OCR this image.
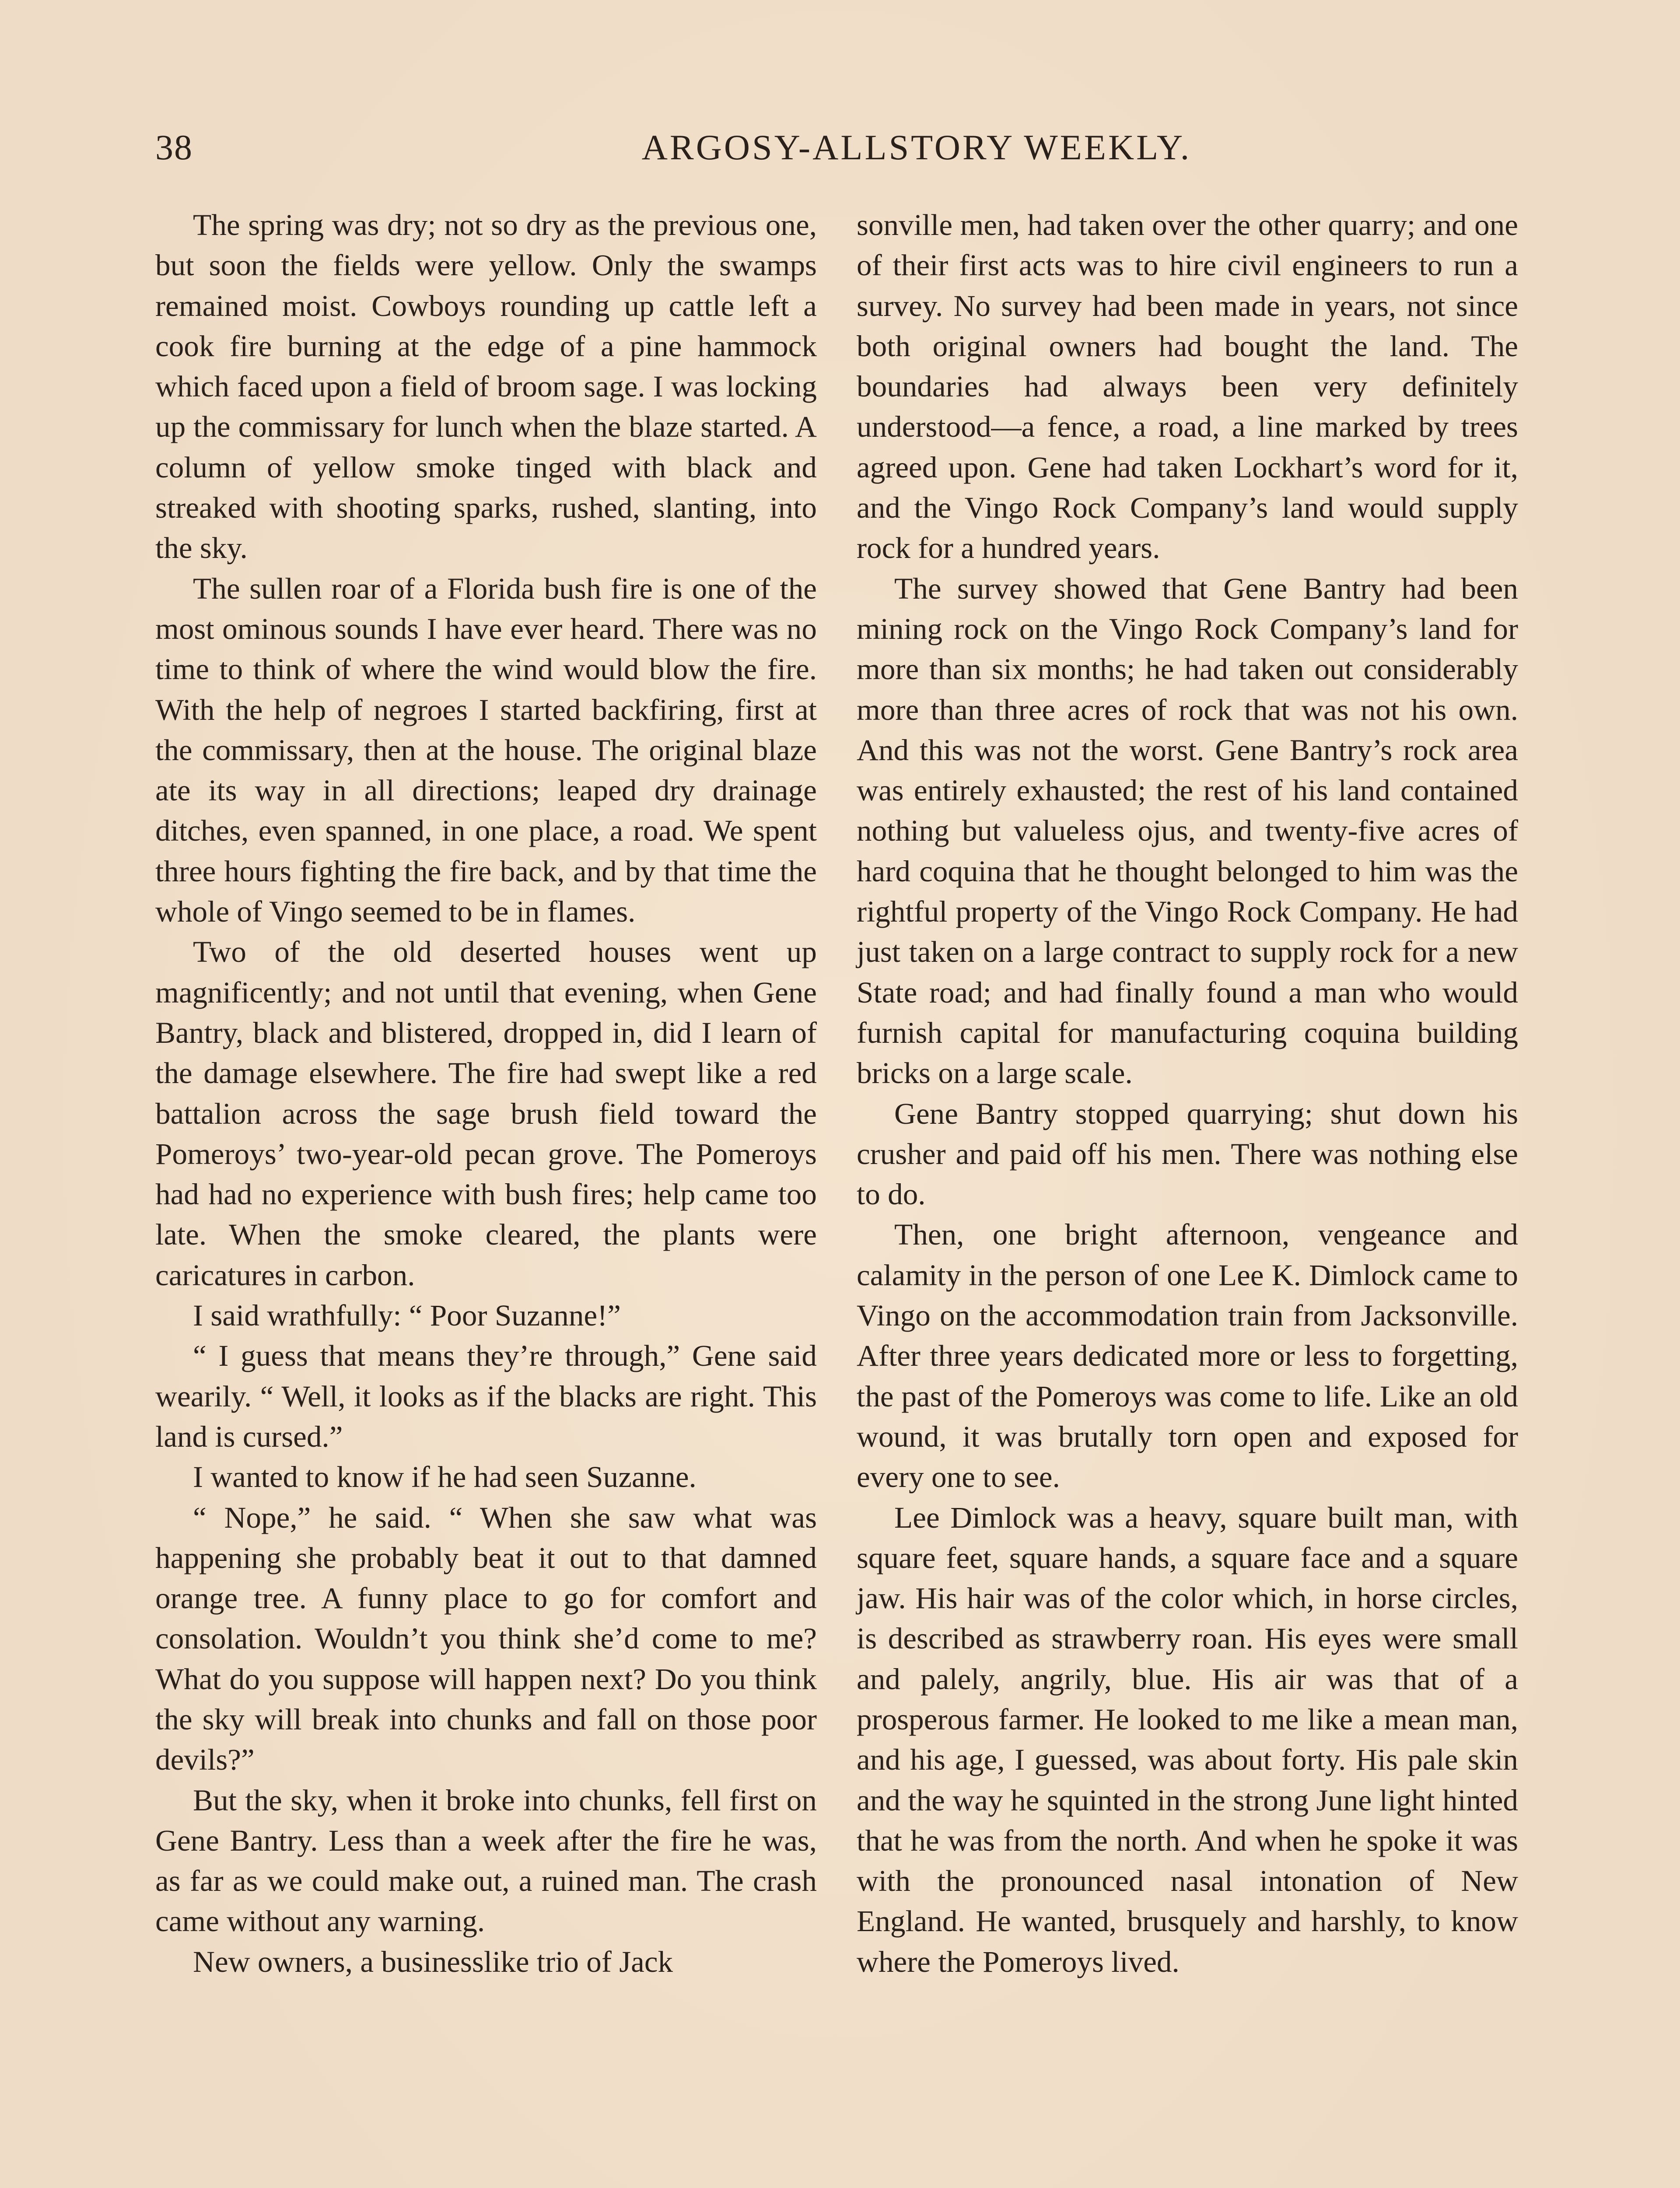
38	ARGOSY-ALLSTORY WEEKLY.

The spring was dry; not so dry as the previous one, but soon the fields were yellow. Only the swamps remained moist. Cowboys rounding up cattle left a cook fire burning at the edge of a pine hammock which faced upon a field of broom sage. I was locking up the commissary for lunch when the blaze started. A column of yellow smoke tinged with black and streaked with shooting sparks, rushed, slanting, into the sky.

The sullen roar of a Florida bush fire is one of the most ominous sounds I have ever heard. There was no time to think of where the wind would blow the fire. With the help of negroes I started backfiring, first at the commissary, then at the house. The original blaze ate its way in all directions; leaped dry drainage ditches, even spanned, in one place, a road. We spent three hours fighting the fire back, and by that time the whole of Vingo seemed to be in flames.

Two of the old deserted houses went up magnificently; and not until that evening, when Gene Bantry, black and blistered, dropped in, did I learn of the damage elsewhere. The fire had swept like a red battalion across the sage brush field toward the Pomeroys’ two-year-old pecan grove. The Pomeroys had had no experience with bush fires; help came too late. When the smoke cleared, the plants were caricatures in carbon.

I said wrathfully: “ Poor Suzanne!”

“ I guess that means they’re through,” Gene said wearily. “ Well, it looks as if the blacks are right. This land is cursed.”

I wanted to know if he had seen Suzanne.

“ Nope,” he said. “ When she saw what was happening she probably beat it out to that damned orange tree. A funny place to go for comfort and consolation. Wouldn’t you think she’d come to me? What do you suppose will happen next? Do you think the sky will break into chunks and fall on those poor devils?”

But the sky, when it broke into chunks, fell first on Gene Bantry. Less than a week after the fire he was, as far as we could make out, a ruined man. The crash came without any warning.

New owners, a businesslike trio of Jack

sonville men, had taken over the other quarry; and one of their first acts was to hire civil engineers to run a survey. No survey had been made in years, not since both original owners had bought the land. The boundaries had always been very definitely understood—a fence, a road, a line marked by trees agreed upon. Gene had taken Lockhart’s word for it, and the Vingo Rock Company’s land would supply rock for a hundred years.

The survey showed that Gene Bantry had been mining rock on the Vingo Rock Company’s land for more than six months; he had taken out considerably more than three acres of rock that was not his own. And this was not the worst. Gene Bantry’s rock area was entirely exhausted; the rest of his land contained nothing but valueless ojus, and twenty-five acres of hard coquina that he thought belonged to him was the rightful property of the Vingo Rock Company. He had just taken on a large contract to supply rock for a new State road; and had finally found a man who would furnish capital for manufacturing coquina building bricks on a large scale.

Gene Bantry stopped quarrying; shut down his crusher and paid off his men. There was nothing else to do.

Then, one bright afternoon, vengeance and calamity in the person of one Lee K. Dimlock came to Vingo on the accommodation train from Jacksonville. After three years dedicated more or less to forgetting, the past of the Pomeroys was come to life. Like an old wound, it was brutally torn open and exposed for every one to see.

Lee Dimlock was a heavy, square built man, with square feet, square hands, a square face and a square jaw. His hair was of the color which, in horse circles, is described as strawberry roan. His eyes were small and palely, angrily, blue. His air was that of a prosperous farmer. He looked to me like a mean man, and his age, I guessed, was about forty. His pale skin and the way he squinted in the strong June light hinted that he was from the north. And when he spoke it was with the pronounced nasal intonation of New England. He wanted, brusquely and harshly, to know where the Pomeroys lived.
